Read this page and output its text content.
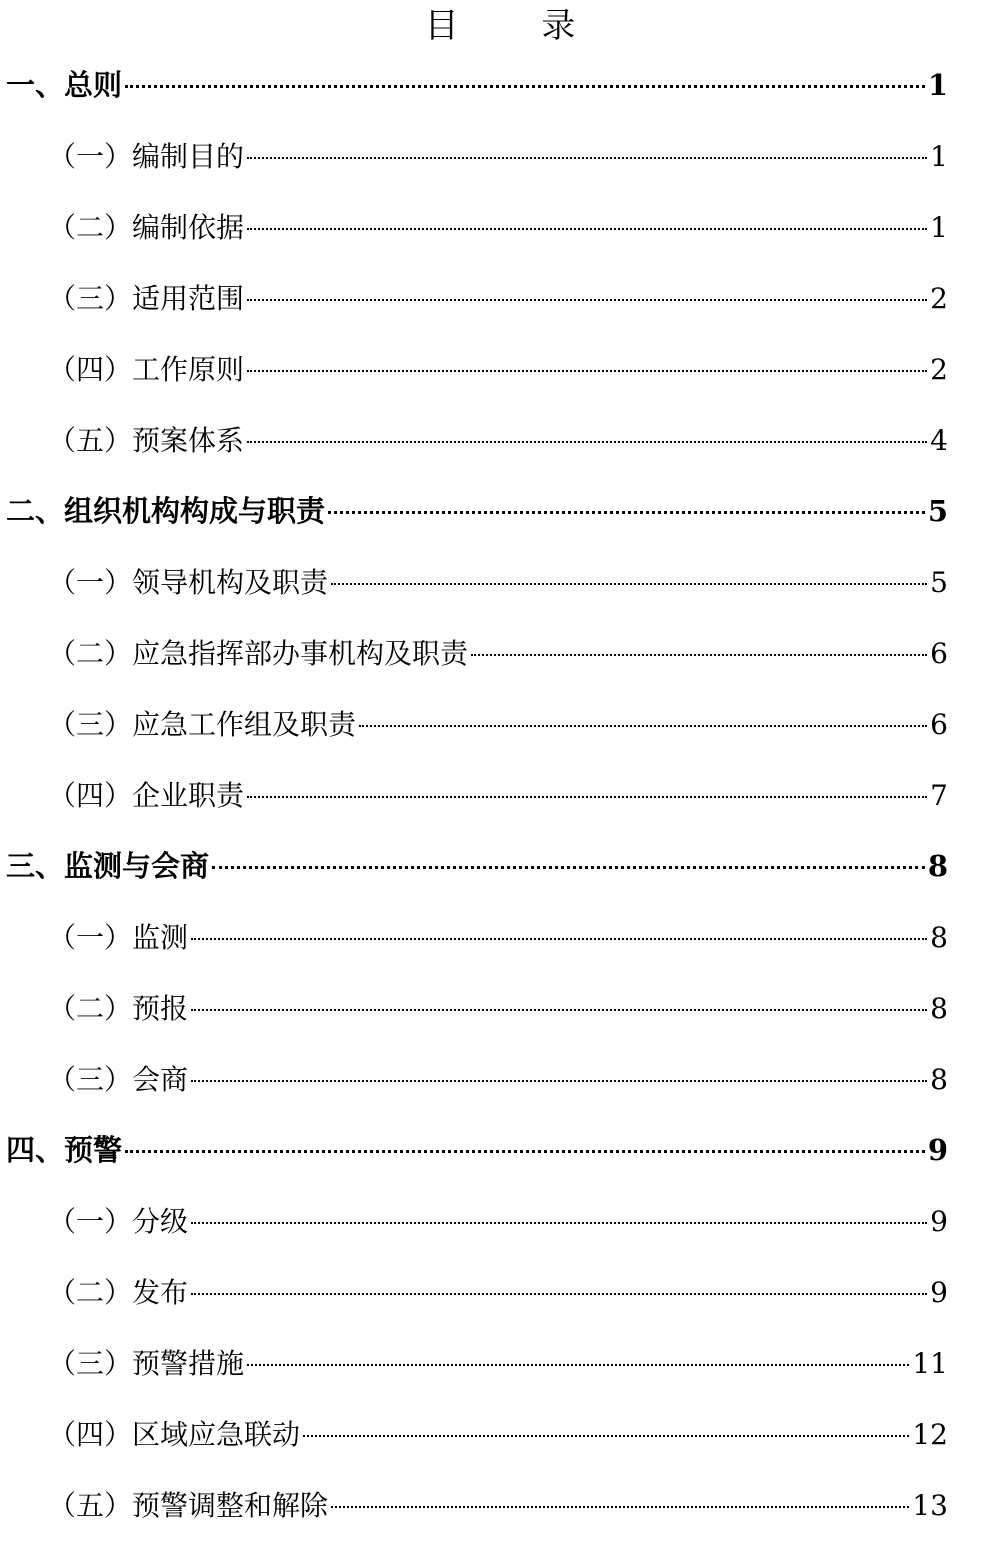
目 录
一、总则	1
（一）编制目的	1
（二）编制依据	1
（三）适用范围	2
（四）工作原则	2
（五）预案体系	4
二、组织机构构成与职责	5
（一）领导机构及职责	5
（二）应急指挥部办事机构及职责	6
（三）应急工作组及职责	6
（四）企业职责	7
三、监测与会商	8
（一）监测	8
（二）预报	8
（三）会商	8
四、预警	9
（一）分级	9
（二）发布	9
（三）预警措施	11
（四）区域应急联动	12
（五）预警调整和解除	13
